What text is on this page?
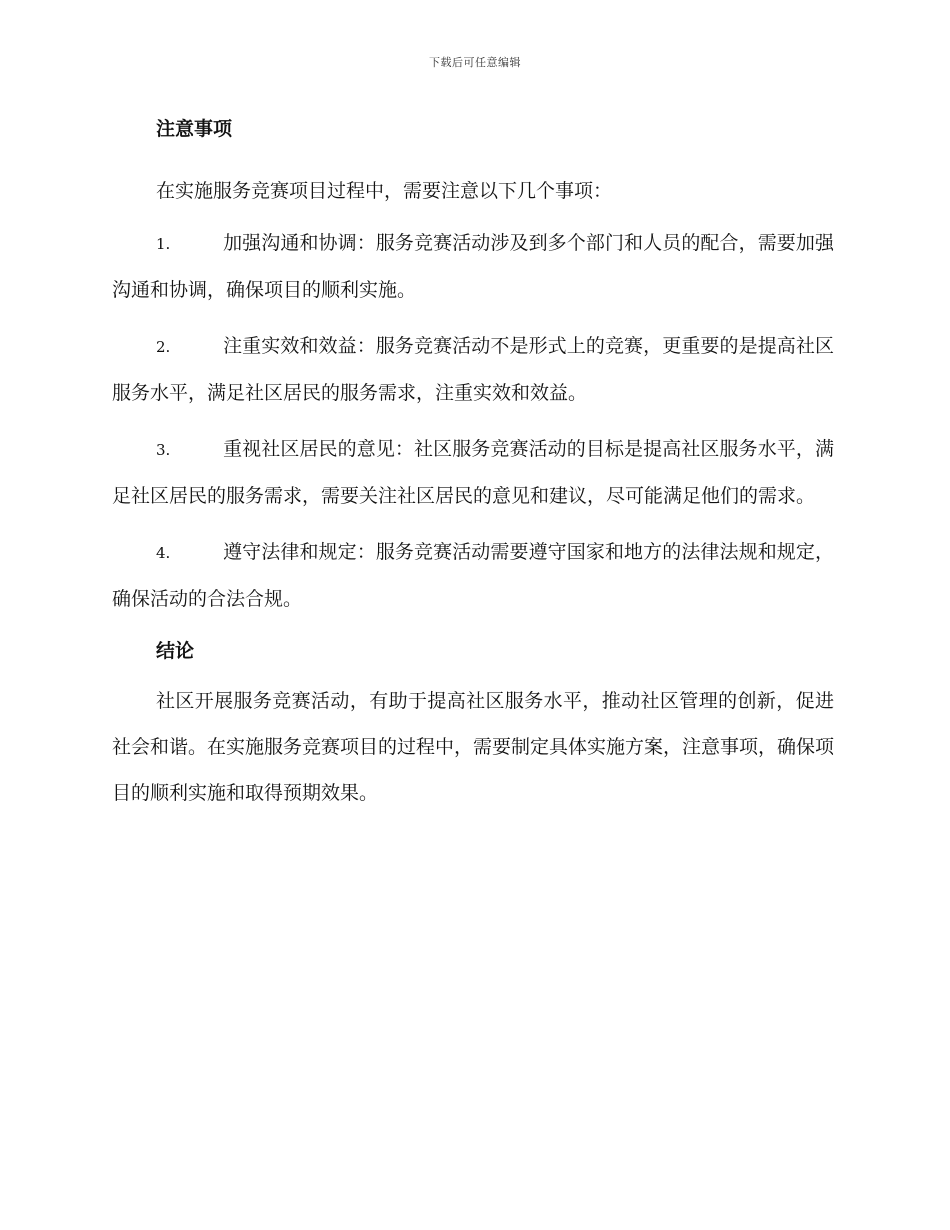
下载后可任意编辑
注意事项

在实施服务竞赛项目过程中，需要注意以下几个事项：

1.	加强沟通和协调：服务竞赛活动涉及到多个部门和人员的配合，需要加强沟通和协调，确保项目的顺利实施。

2.	注重实效和效益：服务竞赛活动不是形式上的竞赛，更重要的是提高社区服务水平，满足社区居民的服务需求，注重实效和效益。

3.	重视社区居民的意见：社区服务竞赛活动的目标是提高社区服务水平，满足社区居民的服务需求，需要关注社区居民的意见和建议，尽可能满足他们的需求。

4.	遵守法律和规定：服务竞赛活动需要遵守国家和地方的法律法规和规定，确保活动的合法合规。

结论

社区开展服务竞赛活动，有助于提高社区服务水平，推动社区管理的创新，促进社会和谐。在实施服务竞赛项目的过程中，需要制定具体实施方案，注意事项，确保项目的顺利实施和取得预期效果。
